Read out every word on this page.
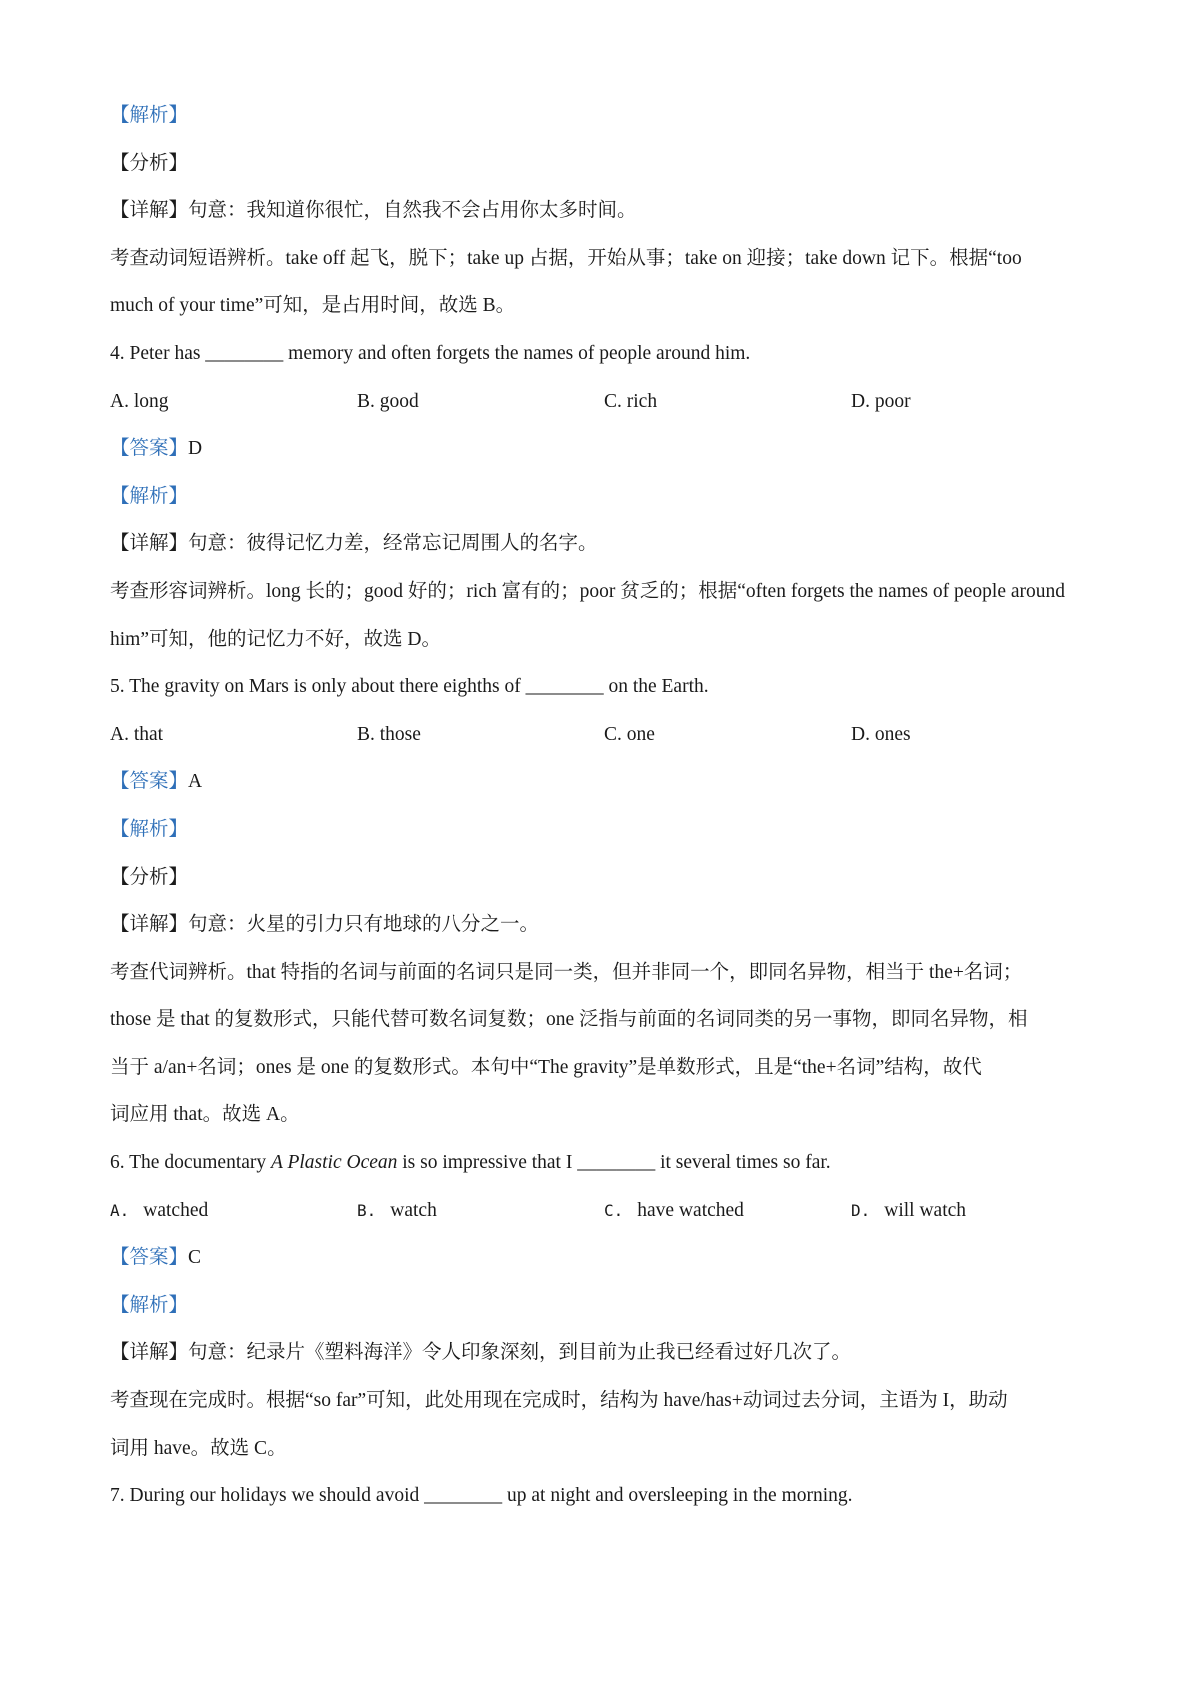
【解析】
【分析】
【详解】句意：我知道你很忙，自然我不会占用你太多时间。
考查动词短语辨析。take off 起飞，脱下；take up 占据，开始从事；take on 迎接；take down 记下。根据“too
much of your time”可知，是占用时间，故选 B。
4. Peter has ________ memory and often forgets the names of people around him.
A. long	B. good	C. rich	D. poor
【答案】D
【解析】
【详解】句意：彼得记忆力差，经常忘记周围人的名字。
考查形容词辨析。long 长的；good 好的；rich 富有的；poor 贫乏的；根据“often forgets the names of people around
him”可知，他的记忆力不好，故选 D。
5. The gravity on Mars is only about there eighths of ________ on the Earth.
A. that	B. those	C. one	D. ones
【答案】A
【解析】
【分析】
【详解】句意：火星的引力只有地球的八分之一。
考查代词辨析。that 特指的名词与前面的名词只是同一类，但并非同一个，即同名异物，相当于 the+名词；
those 是 that 的复数形式，只能代替可数名词复数；one 泛指与前面的名词同类的另一事物，即同名异物，相
当于 a/an+名词；ones 是 one 的复数形式。本句中“The gravity”是单数形式，且是“the+名词”结构，故代
词应用 that。故选 A。
6. The documentary A Plastic Ocean is so impressive that I ________ it several times so far.
A. watched	B. watch	C. have watched	D. will watch
【答案】C
【解析】
【详解】句意：纪录片《塑料海洋》令人印象深刻，到目前为止我已经看过好几次了。
考查现在完成时。根据“so far”可知，此处用现在完成时，结构为 have/has+动词过去分词，主语为 I，助动
词用 have。故选 C。
7. During our holidays we should avoid ________ up at night and oversleeping in the morning.
